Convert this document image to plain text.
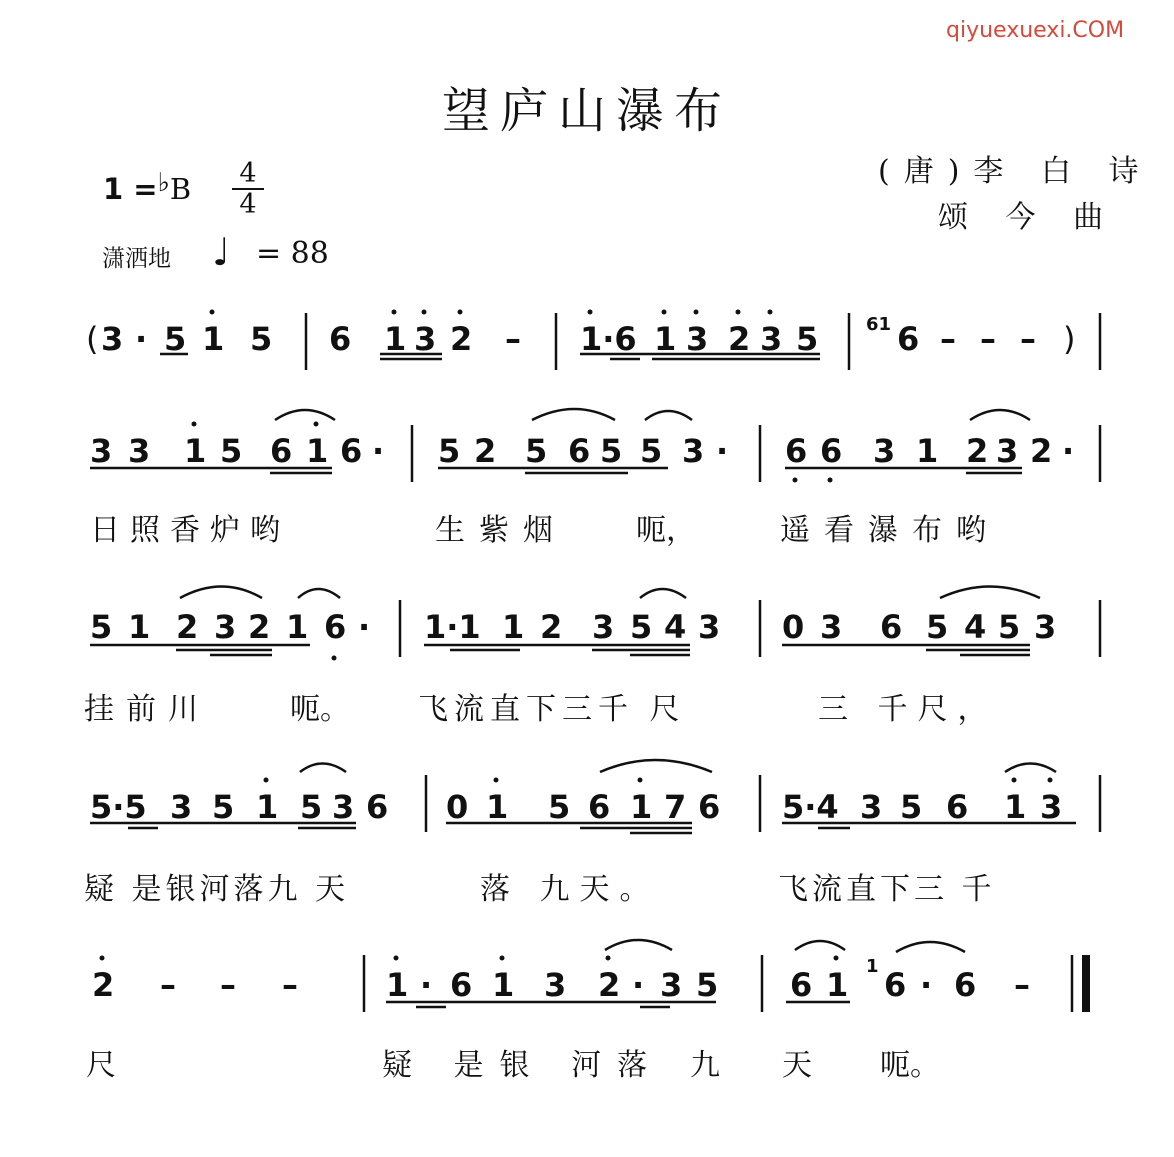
qiyuexuexi.COM
望庐山瀑布
1 =♭B 4
4
(唐)李 白 诗
颂 今 曲
潇洒地 ♩ = 88
( 3 · 5 1 5 6 1 3 2 – 1·6 1 3 2 3 5	61 6 – – – )
3 3 1 5 6 1 6 · 5 2 5 6 5 5 3 · 6 6 3 1 2 3 2 ·
5 1 2 3 2 1 6 · 1·1 1 2 3 5 4 3 0 3 6 5 4 5 3
5·5 3 5 1 5 3 6 0 1 5 6 1 7 6 5·4 3 5 6 1 3
2 – – –	1 · 6 1 3 2 · 3 5 6 1 1 6 · 6 –
日照香炉哟	生紫烟 呃，	遥看瀑布哟
挂前川	呃。 飞流直下三千 尺	三 千尺，
疑 是银河落九 天	落 九天。	飞流直下三 千
尺	疑 是银 河落 九 天 呃。
